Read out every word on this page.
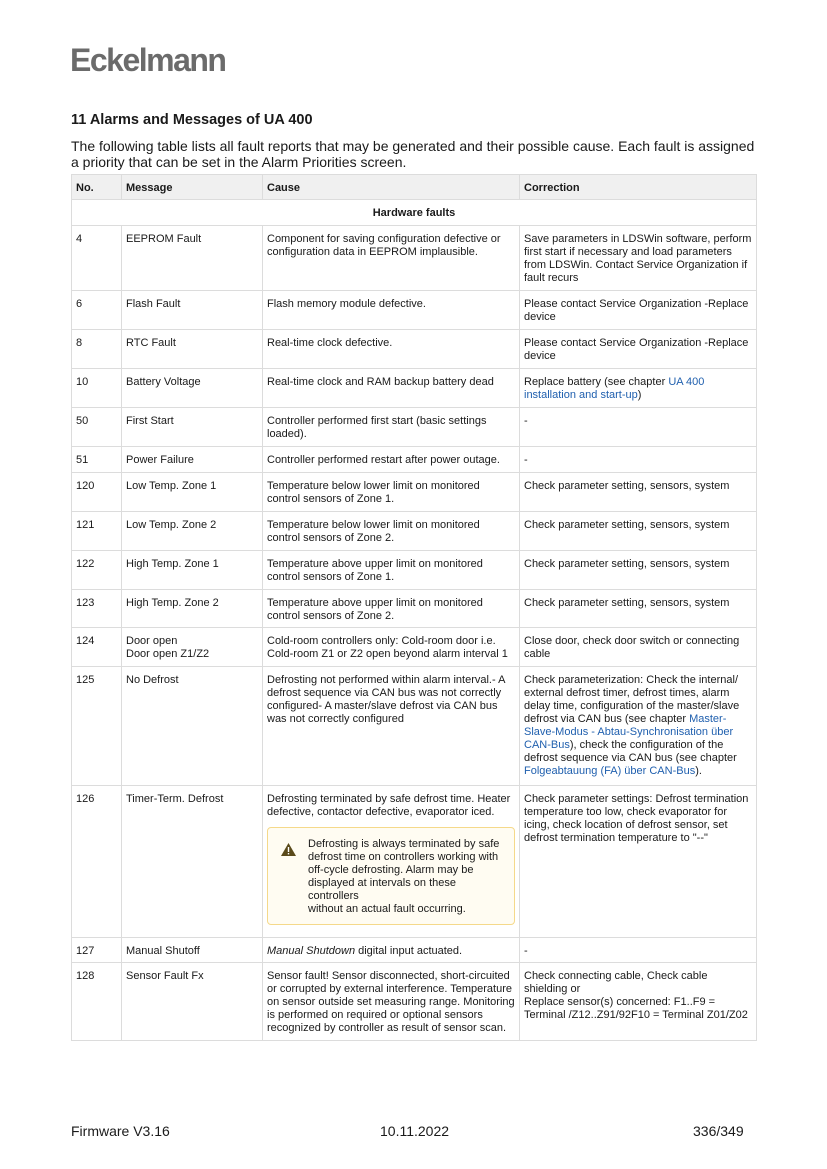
Eckelmann
11 Alarms and Messages of UA 400

The following table lists all fault reports that may be generated and their possible cause. Each fault is assigned a priority that can be set in the Alarm Priorities screen.

No.	Message	Cause	Correction
Hardware faults			
4	EEPROM Fault	Component for saving configuration defective or configuration data in EEPROM implausible.	Save parameters in LDSWin software, perform first start if necessary and load parameters from LDSWin. Contact Service Organization if fault recurs
6	Flash Fault	Flash memory module defective.	Please contact Service Organization -Replace device
8	RTC Fault	Real-time clock defective.	Please contact Service Organization -Replace device
10	Battery Voltage	Real-time clock and RAM backup battery dead	Replace battery (see chapter UA 400 installation and start-up)
50	First Start	Controller performed first start (basic settings loaded).	-
51	Power Failure	Controller performed restart after power outage.	-
120	Low Temp. Zone 1	Temperature below lower limit on monitored control sensors of Zone 1.	Check parameter setting, sensors, system
121	Low Temp. Zone 2	Temperature below lower limit on monitored control sensors of Zone 2.	Check parameter setting, sensors, system
122	High Temp. Zone 1	Temperature above upper limit on monitored control sensors of Zone 1.	Check parameter setting, sensors, system
123	High Temp. Zone 2	Temperature above upper limit on monitored control sensors of Zone 2.	Check parameter setting, sensors, system
124	Door open
Door open Z1/Z2	Cold-room controllers only: Cold-room door i.e. Cold-room Z1 or Z2 open beyond alarm interval 1	Close door, check door switch or connecting cable
125	No Defrost	Defrosting not performed within alarm interval.- A defrost sequence via CAN bus was not correctly configured- A master/slave defrost via CAN bus was not correctly configured	Check parameterization: Check the internal/ external defrost timer, defrost times, alarm delay time, configuration of the master/slave defrost via CAN bus (see chapter Master-Slave-Modus - Abtau-Synchronisation über CAN-Bus), check the configuration of the defrost sequence via CAN bus (see chapter Folgeabtauung (FA) über CAN-Bus).
126	Timer-Term. Defrost	Defrosting terminated by safe defrost time. Heater defective, contactor defective, evaporator iced.
Defrosting is always terminated by safe defrost time on controllers working with off-cycle defrosting. Alarm may be displayed at intervals on these controllers
without an actual fault occurring.	Check parameter settings: Defrost termination temperature too low, check evaporator for icing, check location of defrost sensor, set defrost termination temperature to "--"
127	Manual Shutoff	Manual Shutdown digital input actuated.	-
128	Sensor Fault Fx	Sensor fault! Sensor disconnected, short-circuited or corrupted by external interference. Temperature on sensor outside set measuring range. Monitoring is performed on required or optional sensors recognized by controller as result of sensor scan.	Check connecting cable, Check cable shielding or
Replace sensor(s) concerned: F1..F9 = Terminal /Z12..Z91/92F10 = Terminal Z01/Z02
Firmware V3.16	10.11.2022	336/349
